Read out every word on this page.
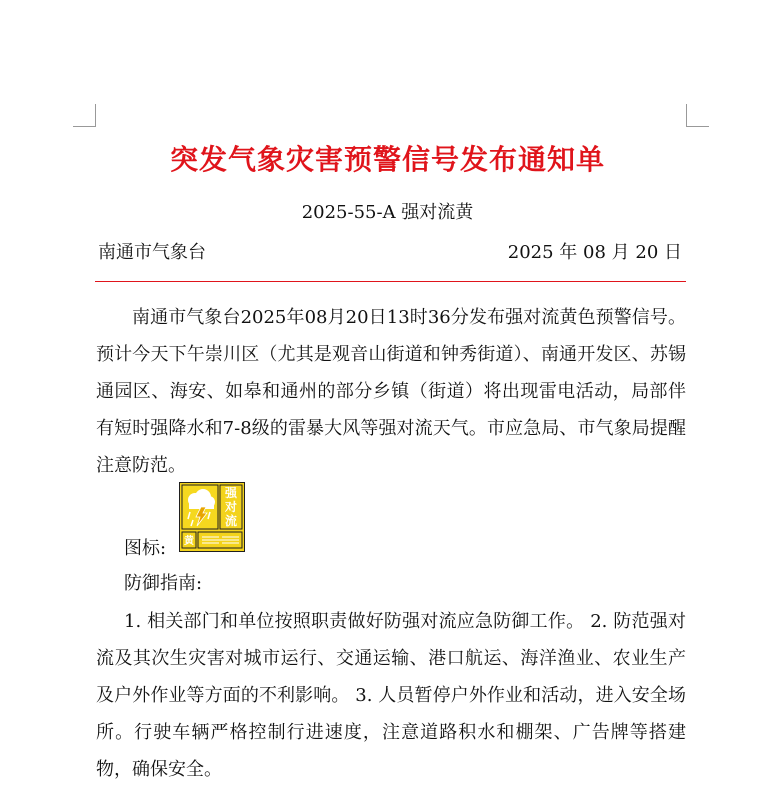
突发气象灾害预警信号发布通知单
2025-55-A 强对流黄
南通市气象台	2025 年 08 月 20 日

南通市气象台2025年08月20日13时36分发布强对流黄色预警信号。预计今天下午崇川区（尤其是观音山街道和钟秀街道）、南通开发区、苏锡通园区、海安、如皋和通州的部分乡镇（街道）将出现雷电活动，局部伴有短时强降水和7-8级的雷暴大风等强对流天气。市应急局、市气象局提醒注意防范。

图标:
强
对
流
黄
防御指南:

1. 相关部门和单位按照职责做好防强对流应急防御工作。 2. 防范强对流及其次生灾害对城市运行、交通运输、港口航运、海洋渔业、农业生产及户外作业等方面的不利影响。 3. 人员暂停户外作业和活动，进入安全场所。行驶车辆严格控制行进速度，注意道路积水和棚架、广告牌等搭建物，确保安全。
